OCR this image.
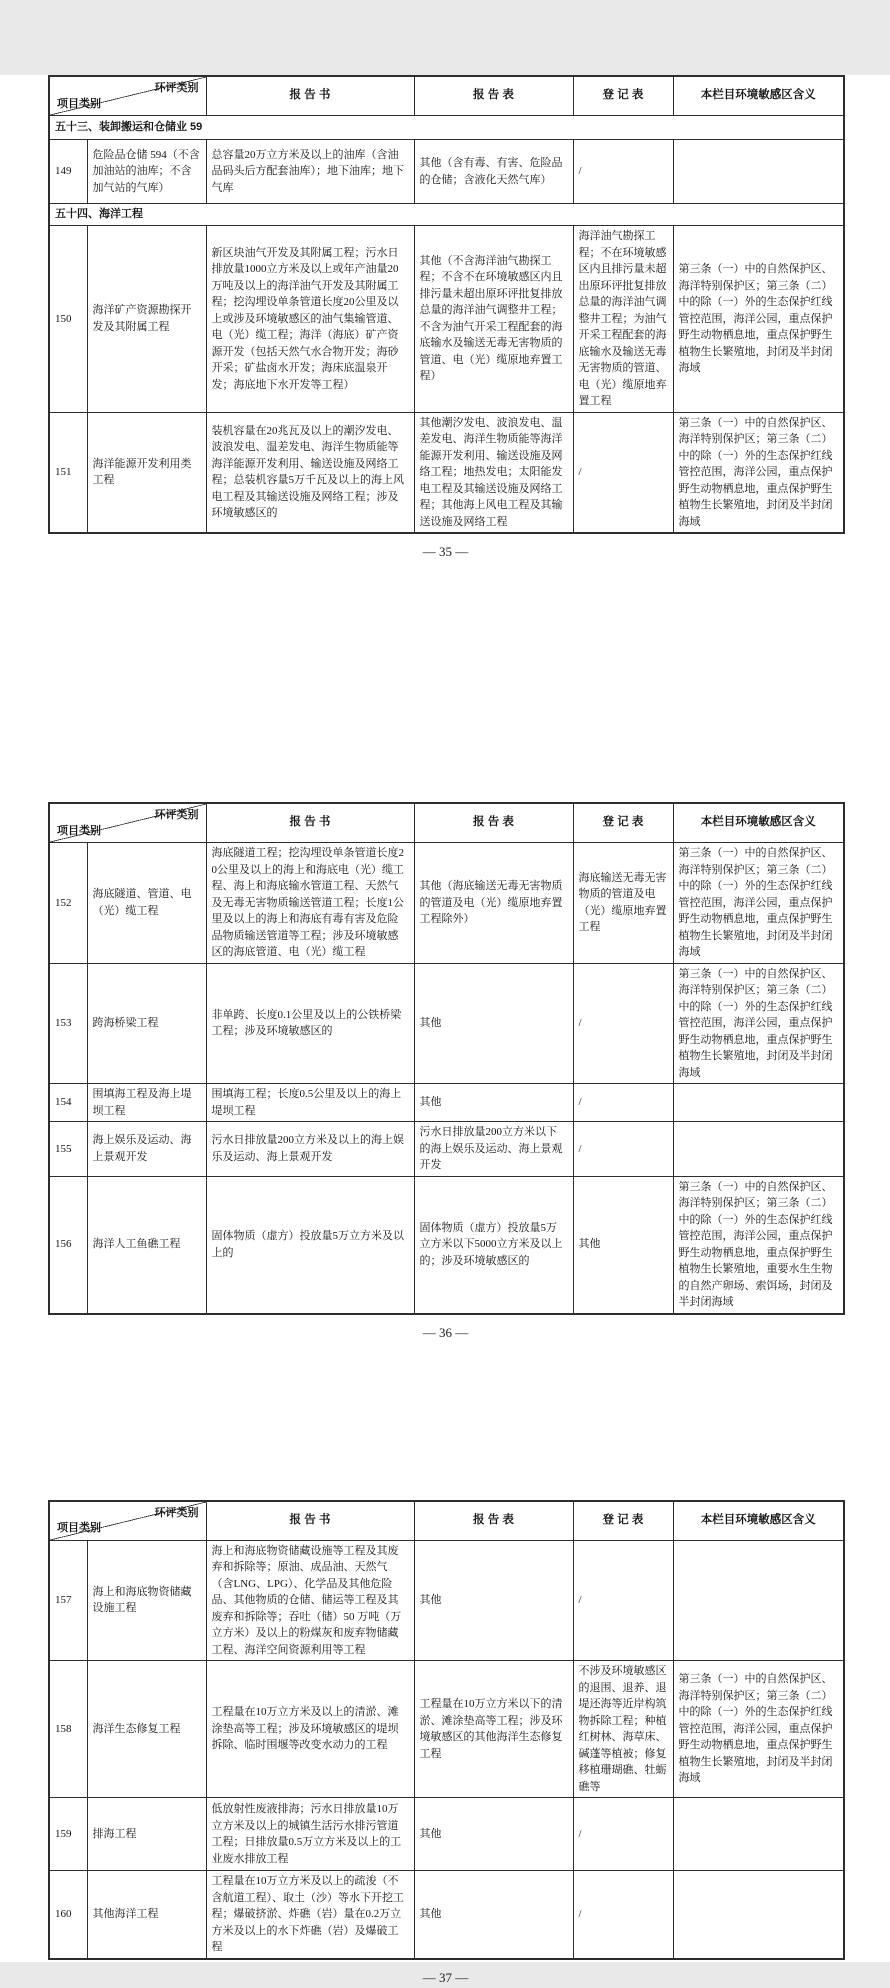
环评类别
项目类别		报 告 书	报 告 表	登 记 表	本栏目环境敏感区含义
五十三、装卸搬运和仓储业 59					
149	危险品仓储 594（不含加油站的油库；不含加气站的气库）	总容量20万立方米及以上的油库（含油品码头后方配套油库）；地下油库；地下气库	其他（含有毒、有害、危险品的仓储；含液化天然气库）	/	
五十四、海洋工程					
150	海洋矿产资源勘探开发及其附属工程	新区块油气开发及其附属工程；污水日排放量1000立方米及以上或年产油量20万吨及以上的海洋油气开发及其附属工程；挖沟埋设单条管道长度20公里及以上或涉及环境敏感区的油气集输管道、电（光）缆工程；海洋（海底）矿产资源开发（包括天然气水合物开发；海砂开采；矿盐卤水开发；海床底温泉开发；海底地下水开发等工程）	其他（不含海洋油气勘探工程；不含不在环境敏感区内且排污量未超出原环评批复排放总量的海洋油气调整井工程；不含为油气开采工程配套的海底输水及输送无毒无害物质的管道、电（光）缆原地弃置工程）	海洋油气勘探工程；不在环境敏感区内且排污量未超出原环评批复排放总量的海洋油气调整井工程；为油气开采工程配套的海底输水及输送无毒无害物质的管道、电（光）缆原地弃置工程	第三条（一）中的自然保护区、海洋特别保护区；第三条（二）中的除（一）外的生态保护红线管控范围，海洋公园，重点保护野生动物栖息地，重点保护野生植物生长繁殖地，封闭及半封闭海域
151	海洋能源开发利用类工程	装机容量在20兆瓦及以上的潮汐发电、波浪发电、温差发电、海洋生物质能等海洋能源开发利用、输送设施及网络工程；总装机容量5万千瓦及以上的海上风电工程及其输送设施及网络工程；涉及环境敏感区的	其他潮汐发电、波浪发电、温差发电、海洋生物质能等海洋能源开发利用、输送设施及网络工程；地热发电；太阳能发电工程及其输送设施及网络工程；其他海上风电工程及其输送设施及网络工程	/	第三条（一）中的自然保护区、海洋特别保护区；第三条（二）中的除（一）外的生态保护红线管控范围，海洋公园，重点保护野生动物栖息地，重点保护野生植物生长繁殖地，封闭及半封闭海域
— 35 —
环评类别
项目类别		报 告 书	报 告 表	登 记 表	本栏目环境敏感区含义
152	海底隧道、管道、电（光）缆工程	海底隧道工程；挖沟埋设单条管道长度20公里及以上的海上和海底电（光）缆工程、海上和海底输水管道工程、天然气及无毒无害物质输送管道工程；长度1公里及以上的海上和海底有毒有害及危险品物质输送管道等工程；涉及环境敏感区的海底管道、电（光）缆工程	其他（海底输送无毒无害物质的管道及电（光）缆原地弃置工程除外）	海底输送无毒无害物质的管道及电（光）缆原地弃置工程	第三条（一）中的自然保护区、海洋特别保护区；第三条（二）中的除（一）外的生态保护红线管控范围，海洋公园，重点保护野生动物栖息地，重点保护野生植物生长繁殖地，封闭及半封闭海域
153	跨海桥梁工程	非单跨、长度0.1公里及以上的公铁桥梁工程；涉及环境敏感区的	其他	/	第三条（一）中的自然保护区、海洋特别保护区；第三条（二）中的除（一）外的生态保护红线管控范围，海洋公园，重点保护野生动物栖息地，重点保护野生植物生长繁殖地，封闭及半封闭海域
154	围填海工程及海上堤坝工程	围填海工程；长度0.5公里及以上的海上堤坝工程	其他	/	
155	海上娱乐及运动、海上景观开发	污水日排放量200立方米及以上的海上娱乐及运动、海上景观开发	污水日排放量200立方米以下的海上娱乐及运动、海上景观开发	/	
156	海洋人工鱼礁工程	固体物质（虚方）投放量5万立方米及以上的	固体物质（虚方）投放量5万立方米以下5000立方米及以上的；涉及环境敏感区的	其他	第三条（一）中的自然保护区、海洋特别保护区；第三条（二）中的除（一）外的生态保护红线管控范围，海洋公园，重点保护野生动物栖息地，重点保护野生植物生长繁殖地，重要水生生物的自然产卵场、索饵场，封闭及半封闭海域
— 36 —
环评类别
项目类别		报 告 书	报 告 表	登 记 表	本栏目环境敏感区含义
157	海上和海底物资储藏设施工程	海上和海底物资储藏设施等工程及其废弃和拆除等；原油、成品油、天然气（含LNG、LPG）、化学品及其他危险品、其他物质的仓储、储运等工程及其废弃和拆除等；吞吐（储）50 万吨（万立方米）及以上的粉煤灰和废弃物储藏工程、海洋空间资源利用等工程	其他	/	
158	海洋生态修复工程	工程量在10万立方米及以上的清淤、滩涂垫高等工程；涉及环境敏感区的堤坝拆除、临时围堰等改变水动力的工程	工程量在10万立方米以下的清淤、滩涂垫高等工程；涉及环境敏感区的其他海洋生态修复工程	不涉及环境敏感区的退围、退养、退堤还海等近岸构筑物拆除工程；种植红树林、海草床、碱蓬等植被；修复移植珊瑚礁、牡蛎礁等	第三条（一）中的自然保护区、海洋特别保护区；第三条（二）中的除（一）外的生态保护红线管控范围，海洋公园，重点保护野生动物栖息地，重点保护野生植物生长繁殖地，封闭及半封闭海域
159	排海工程	低放射性废液排海；污水日排放量10万立方米及以上的城镇生活污水排污管道工程；日排放量0.5万立方米及以上的工业废水排放工程	其他	/	
160	其他海洋工程	工程量在10万立方米及以上的疏浚（不含航道工程）、取土（沙）等水下开挖工程；爆破挤淤、炸礁（岩）量在0.2万立方米及以上的水下炸礁（岩）及爆破工程	其他	/	
— 37 —
